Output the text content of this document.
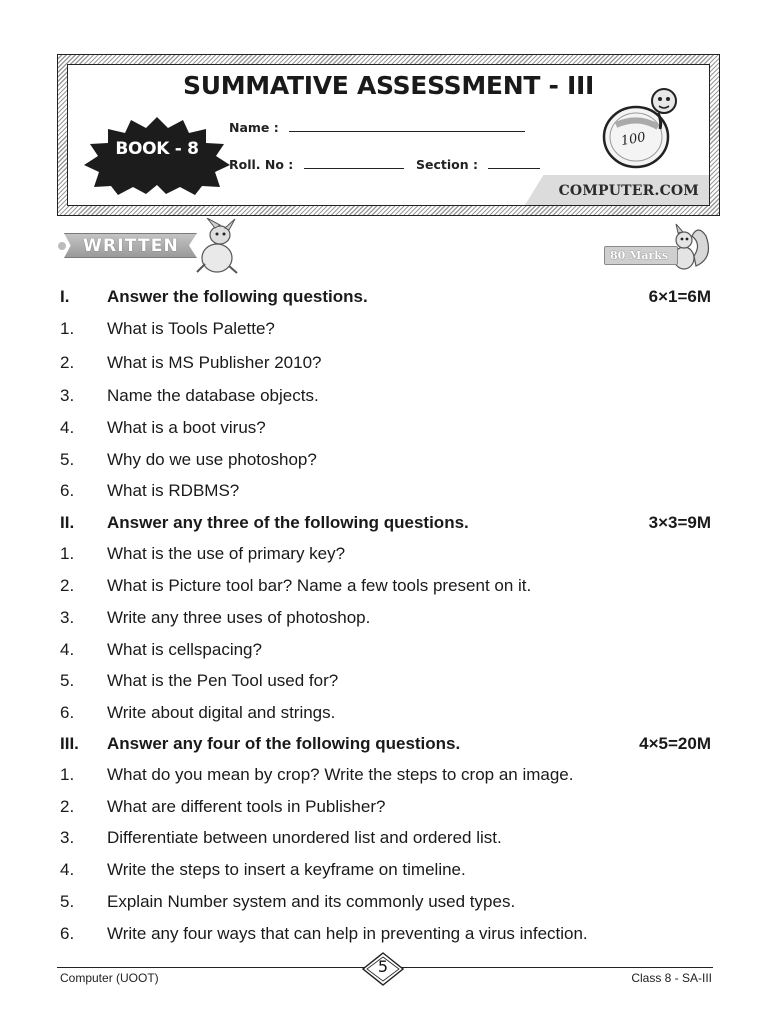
SUMMATIVE ASSESSMENT - III
BOOK - 8
Name :
Roll. No :	Section :
100
COMPUTER.COM
WRITTEN	80 Marks
I. Answer the following questions.	6×1=6M
1. What is Tools Palette?
2. What is MS Publisher 2010?
3. Name the database objects.
4. What is a boot virus?
5. Why do we use photoshop?
6. What is RDBMS?
II. Answer any three of the following questions.	3×3=9M
1. What is the use of primary key?
2. What is Picture tool bar? Name a few tools present on it.
3. Write any three uses of photoshop.
4. What is cellspacing?
5. What is the Pen Tool used for?
6. Write about digital and strings.
III. Answer any four of the following questions.	4×5=20M
1. What do you mean by crop? Write the steps to crop an image.
2. What are different tools in Publisher?
3. Differentiate between unordered list and ordered list.
4. Write the steps to insert a keyframe on timeline.
5. Explain Number system and its commonly used types.
6. Write any four ways that can help in preventing a virus infection.
Computer (UOOT)
5
Class 8 - SA-III
